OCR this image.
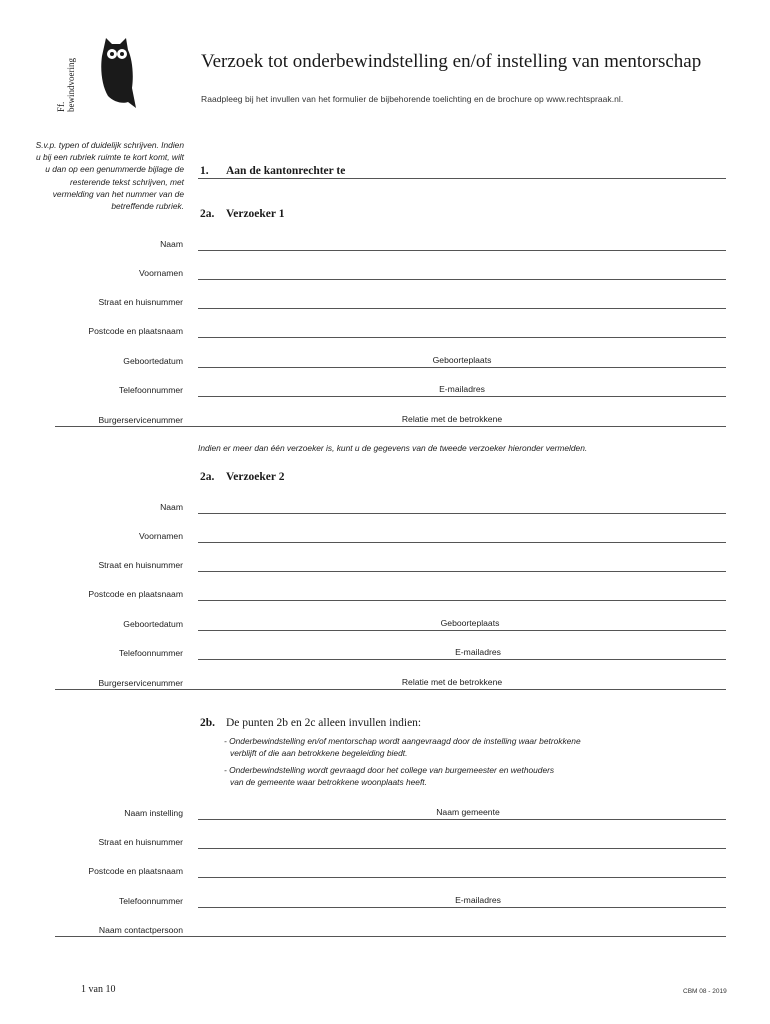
Ff. bewindvoering	Verzoek tot onderbewindstelling en/of instelling van mentorschap
Raadpleeg bij het invullen van het formulier de bijbehorende toelichting en de brochure op www.rechtspraak.nl.
S.v.p. typen of duidelijk schrijven. Indien u bij een rubriek ruimte te kort komt, wilt u dan op een genummerde bijlage de resterende tekst schrijven, met vermelding van het nummer van de betreffende rubriek.
1. Aan de kantonrechter te
2a. Verzoeker 1
Naam
Voornamen
Straat en huisnummer
Postcode en plaatsnaam
Geboortedatum	Geboorteplaats
Telefoonnummer	E-mailadres
Burgerservicenummer	Relatie met de betrokkene
Indien er meer dan één verzoeker is, kunt u de gegevens van de tweede verzoeker hieronder vermelden.
2a. Verzoeker 2
Naam
Voornamen
Straat en huisnummer
Postcode en plaatsnaam
Geboortedatum	Geboorteplaats
Telefoonnummer	E-mailadres
Burgerservicenummer	Relatie met de betrokkene
2b. De punten 2b en 2c alleen invullen indien:
- Onderbewindstelling en/of mentorschap wordt aangevraagd door de instelling waar betrokkene
verblijft of die aan betrokkene begeleiding biedt.
- Onderbewindstelling wordt gevraagd door het college van burgemeester en wethouders
van de gemeente waar betrokkene woonplaats heeft.
Naam instelling	Naam gemeente
Straat en huisnummer
Postcode en plaatsnaam
Telefoonnummer	E-mailadres
Naam contactpersoon
1 van 10	CBM 08 - 2019
